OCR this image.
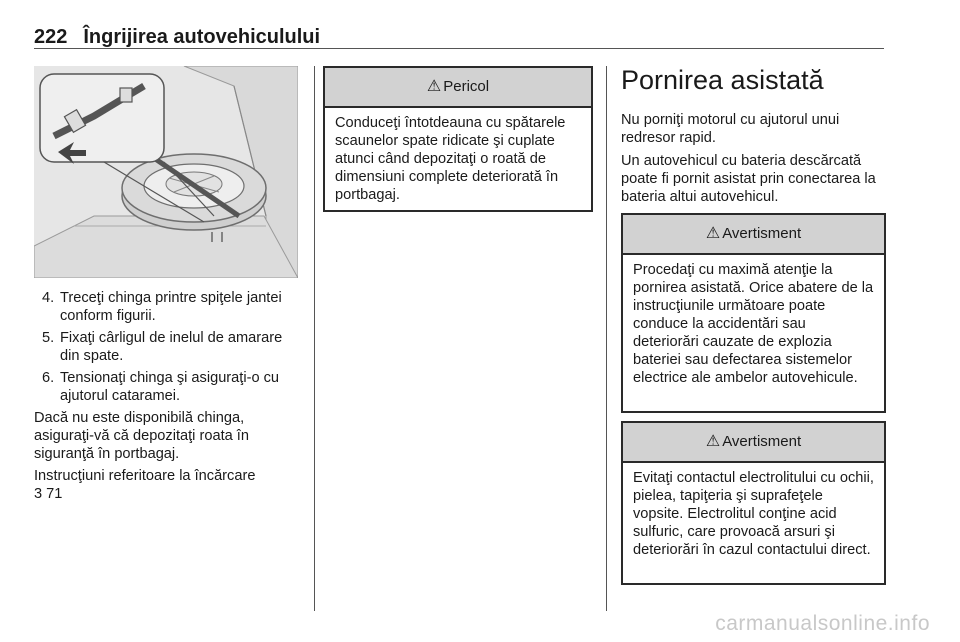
222 Îngrijirea autovehiculului
4. Treceţi chinga printre spiţele jantei conform figurii.
5. Fixaţi cârligul de inelul de amarare din spate.
6. Tensionaţi chinga şi asiguraţi-o cu ajutorul cataramei.

Dacă nu este disponibilă chinga, asiguraţi-vă că depozitaţi roata în siguranţă în portbagaj.

Instrucţiuni referitoare la încărcare
3 71

⚠ Pericol
Conduceţi întotdeauna cu spătarele scaunelor spate ridicate şi cuplate atunci când depozitaţi o roată de dimensiuni complete deteriorată în portbagaj.
Pornirea asistată

Nu porniţi motorul cu ajutorul unui redresor rapid.

Un autovehicul cu bateria descărcată poate fi pornit asistat prin conectarea la bateria altui autovehicul.

⚠ Avertisment
Procedaţi cu maximă atenţie la pornirea asistată. Orice abatere de la instrucţiunile următoare poate conduce la accidentări sau deteriorări cauzate de explozia bateriei sau defectarea sistemelor electrice ale ambelor autovehicule.
⚠ Avertisment
Evitaţi contactul electrolitului cu ochii, pielea, tapiţeria şi suprafeţele vopsite. Electrolitul conţine acid sulfuric, care provoacă arsuri şi deteriorări în cazul contactului direct.
carmanualsonline.info
